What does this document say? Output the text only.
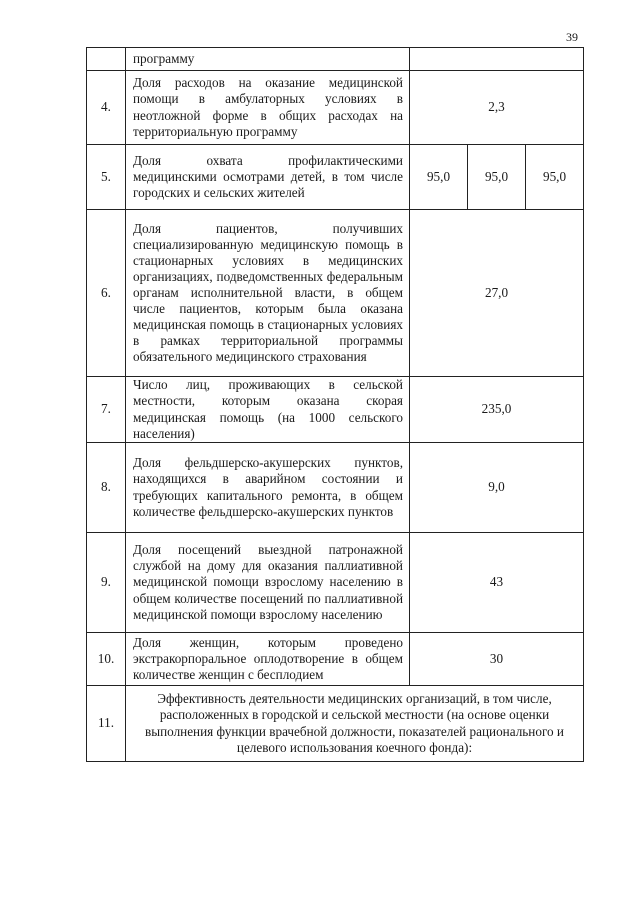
39
	программу			
4.	Доля расходов на оказание медицинской помощи в амбулаторных условиях в неотложной форме в общих расходах на территориальную программу	2,3		
5.	Доля охвата профилактическими медицинскими осмотрами детей, в том числе городских и сельских жителей	95,0	95,0	95,0
6.	Доля пациентов, получивших специализированную медицинскую помощь в стационарных условиях в медицинских организациях, подведомственных федеральным органам исполнительной власти, в общем числе пациентов, которым была оказана медицинская помощь в стационарных условиях в рамках территориальной программы обязательного медицинского страхования	27,0		
7.	Число лиц, проживающих в сельской местности, которым оказана скорая медицинская помощь (на 1000 сельского населения)	235,0		
8.	Доля фельдшерско-акушерских пунктов, находящихся в аварийном состоянии и требующих капитального ремонта, в общем количестве фельдшерско-акушерских пунктов	9,0		
9.	Доля посещений выездной патронажной службой на дому для оказания паллиативной медицинской помощи взрослому населению в общем количестве посещений по паллиативной медицинской помощи взрослому населению	43		
10.	Доля женщин, которым проведено экстракорпоральное оплодотворение в общем количестве женщин с бесплодием	30		
11.	Эффективность деятельности медицинских организаций, в том числе, расположенных в городской и сельской местности (на основе оценки выполнения функции врачебной должности, показателей рационального и целевого использования коечного фонда):			
